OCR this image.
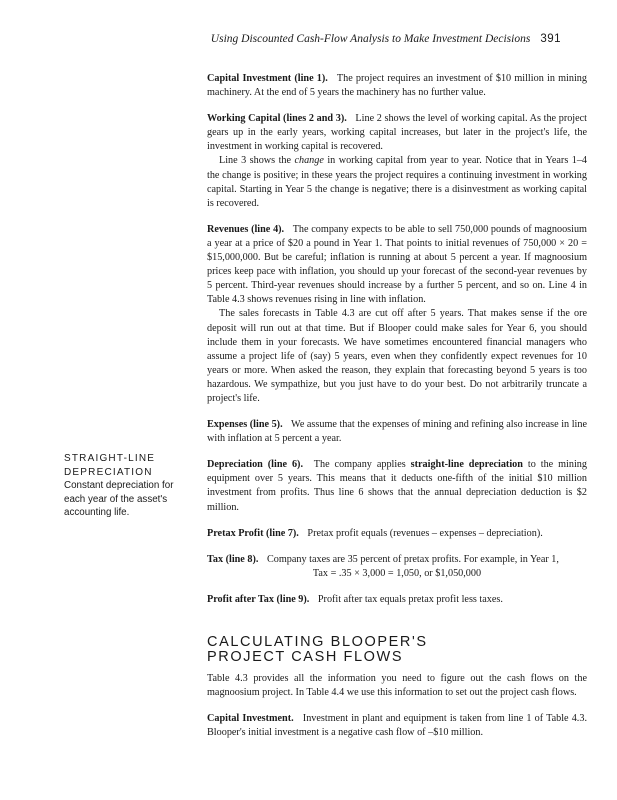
Using Discounted Cash-Flow Analysis to Make Investment Decisions 391
STRAIGHT-LINE
DEPRECIATION
Constant depreciation for each year of the asset's accounting life.

Capital Investment (line 1). The project requires an investment of $10 million in mining machinery. At the end of 5 years the machinery has no further value.

Working Capital (lines 2 and 3). Line 2 shows the level of working capital. As the project gears up in the early years, working capital increases, but later in the project's life, the investment in working capital is recovered.

Line 3 shows the change in working capital from year to year. Notice that in Years 1–4 the change is positive; in these years the project requires a continuing investment in working capital. Starting in Year 5 the change is negative; there is a disinvestment as working capital is recovered.

Revenues (line 4). The company expects to be able to sell 750,000 pounds of magnoosium a year at a price of $20 a pound in Year 1. That points to initial revenues of 750,000 × 20 = $15,000,000. But be careful; inflation is running at about 5 percent a year. If magnoosium prices keep pace with inflation, you should up your forecast of the second-year revenues by 5 percent. Third-year revenues should increase by a further 5 percent, and so on. Line 4 in Table 4.3 shows revenues rising in line with inflation.

The sales forecasts in Table 4.3 are cut off after 5 years. That makes sense if the ore deposit will run out at that time. But if Blooper could make sales for Year 6, you should include them in your forecasts. We have sometimes encountered financial managers who assume a project life of (say) 5 years, even when they confidently expect revenues for 10 years or more. When asked the reason, they explain that forecasting beyond 5 years is too hazardous. We sympathize, but you just have to do your best. Do not arbitrarily truncate a project's life.

Expenses (line 5). We assume that the expenses of mining and refining also increase in line with inflation at 5 percent a year.

Depreciation (line 6). The company applies straight-line depreciation to the mining equipment over 5 years. This means that it deducts one-fifth of the initial $10 million investment from profits. Thus line 6 shows that the annual depreciation deduction is $2 million.

Pretax Profit (line 7). Pretax profit equals (revenues – expenses – depreciation).

Tax (line 8). Company taxes are 35 percent of pretax profits. For example, in Year 1,

Tax = .35 × 3,000 = 1,050, or $1,050,000

Profit after Tax (line 9). Profit after tax equals pretax profit less taxes.

CALCULATING BLOOPER'S
PROJECT CASH FLOWS

Table 4.3 provides all the information you need to figure out the cash flows on the magnoosium project. In Table 4.4 we use this information to set out the project cash flows.

Capital Investment. Investment in plant and equipment is taken from line 1 of Table 4.3. Blooper's initial investment is a negative cash flow of –$10 million.
